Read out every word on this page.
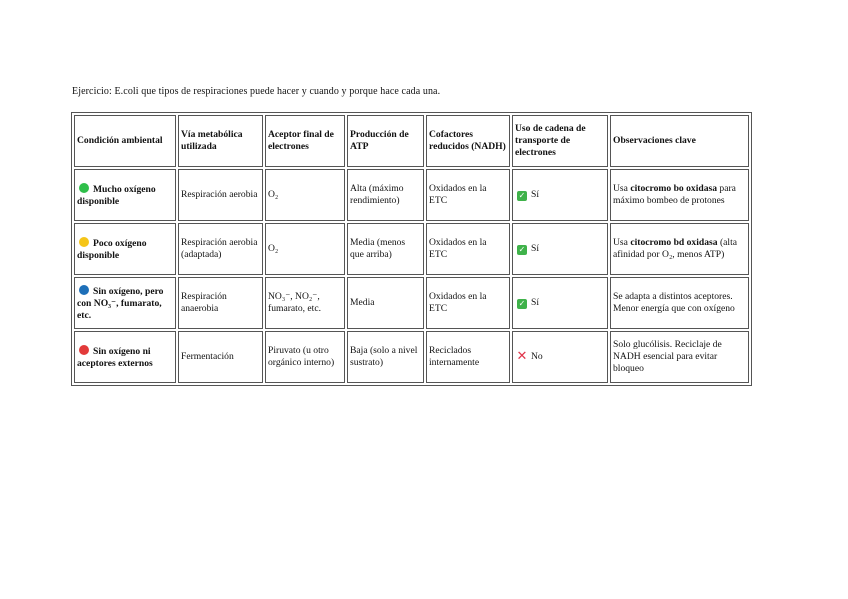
Ejercicio: E.coli que tipos de respiraciones puede hacer y cuando y porque hace cada una.
Condición ambiental	Vía metabólica utilizada	Aceptor final de electrones	Producción de ATP	Cofactores reducidos (NADH)	Uso de cadena de transporte de electrones	Observaciones clave
Mucho oxígeno disponible	Respiración aerobia	O₂	Alta (máximo rendimiento)	Oxidados en la ETC	✓ Sí	Usa citocromo bo oxidasa para máximo bombeo de protones
Poco oxígeno disponible	Respiración aerobia (adaptada)	O₂	Media (menos que arriba)	Oxidados en la ETC	✓ Sí	Usa citocromo bd oxidasa (alta afinidad por O₂, menos ATP)
Sin oxígeno, pero con NO₃⁻, fumarato, etc.	Respiración anaerobia	NO₃⁻, NO₂⁻, fumarato, etc.	Media	Oxidados en la ETC	✓ Sí	Se adapta a distintos aceptores. Menor energía que con oxígeno
Sin oxígeno ni aceptores externos	Fermentación	Piruvato (u otro orgánico interno)	Baja (solo a nivel sustrato)	Reciclados internamente	✕ No	Solo glucólisis. Reciclaje de NADH esencial para evitar bloqueo
